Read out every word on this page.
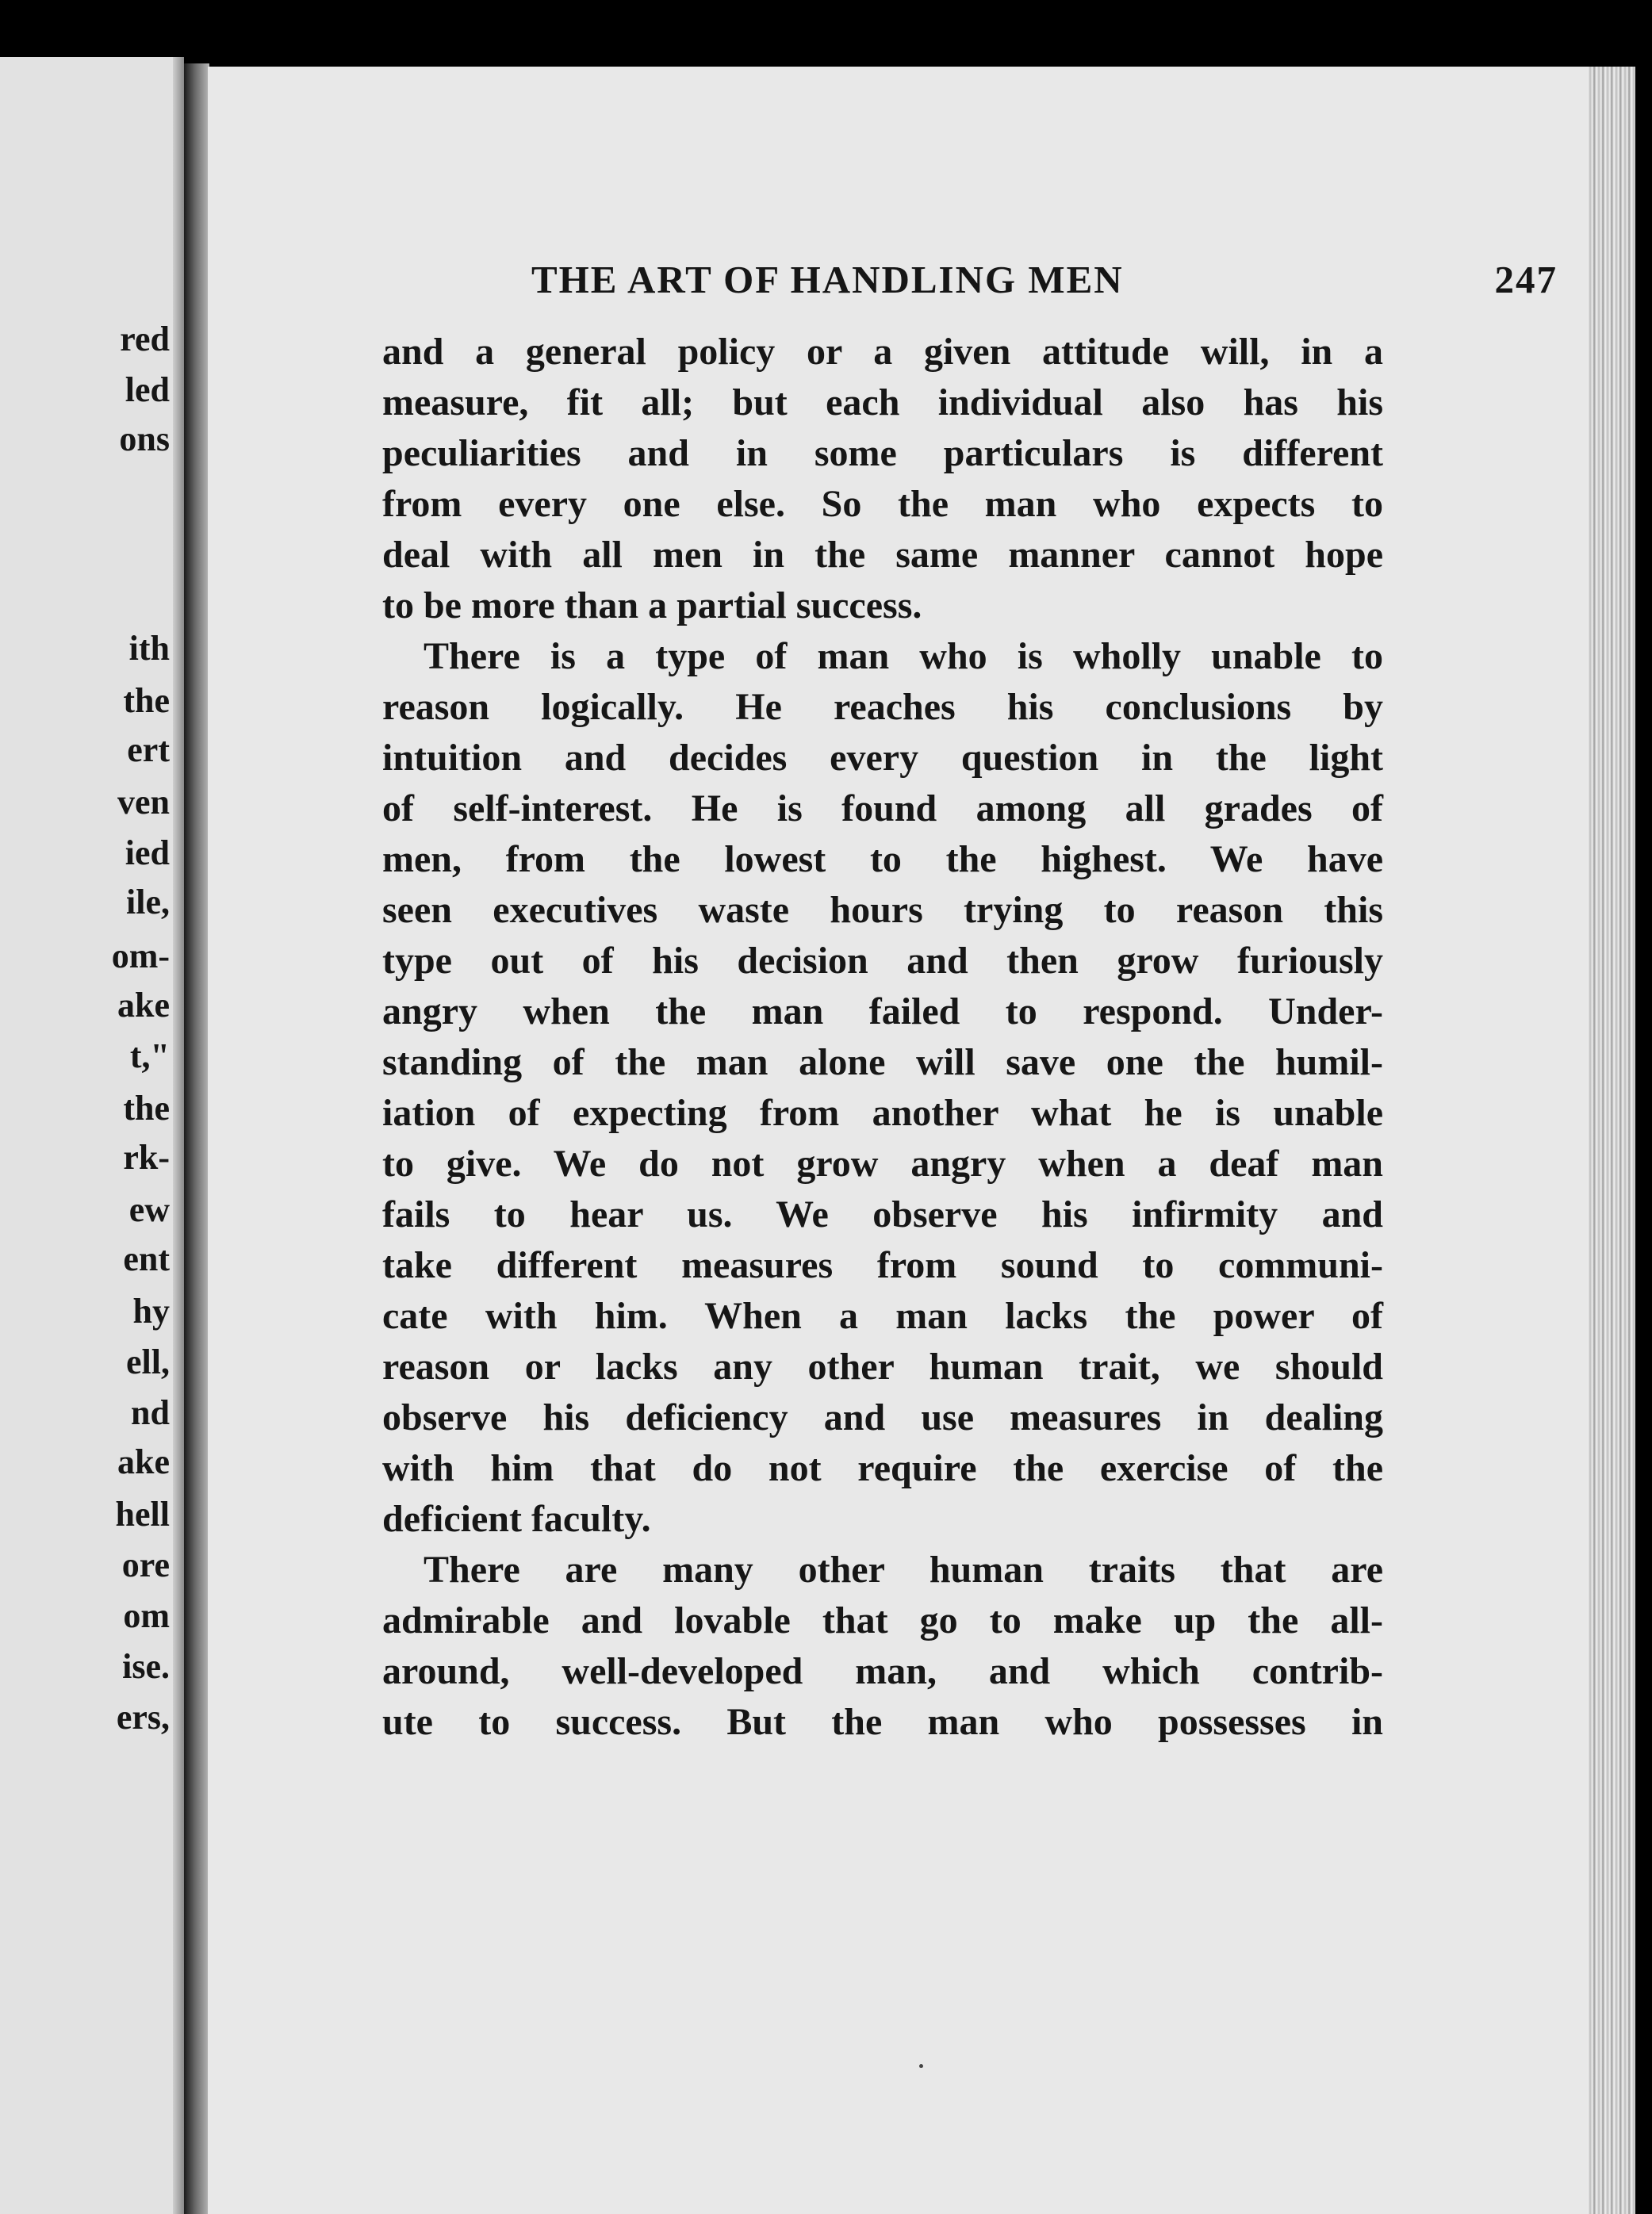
red
led
ons
ith
the
ert
ven
ied
ile,
om-
ake
t,"
the
rk-
ew
ent
hy
ell,
nd
ake
hell
ore
om
ise.
ers,
THE ART OF HANDLING MEN	247
and a general policy or a given attitude will, in a
measure, fit all; but each individual also has his
peculiarities and in some particulars is different
from every one else. So the man who expects to
deal with all men in the same manner cannot hope
to be more than a partial success.
There is a type of man who is wholly unable to
reason logically. He reaches his conclusions by
intuition and decides every question in the light
of self-interest. He is found among all grades of
men, from the lowest to the highest. We have
seen executives waste hours trying to reason this
type out of his decision and then grow furiously
angry when the man failed to respond. Under-
standing of the man alone will save one the humil-
iation of expecting from another what he is unable
to give. We do not grow angry when a deaf man
fails to hear us. We observe his infirmity and
take different measures from sound to communi-
cate with him. When a man lacks the power of
reason or lacks any other human trait, we should
observe his deficiency and use measures in dealing
with him that do not require the exercise of the
deficient faculty.
There are many other human traits that are
admirable and lovable that go to make up the all-
around, well-developed man, and which contrib-
ute to success. But the man who possesses in
